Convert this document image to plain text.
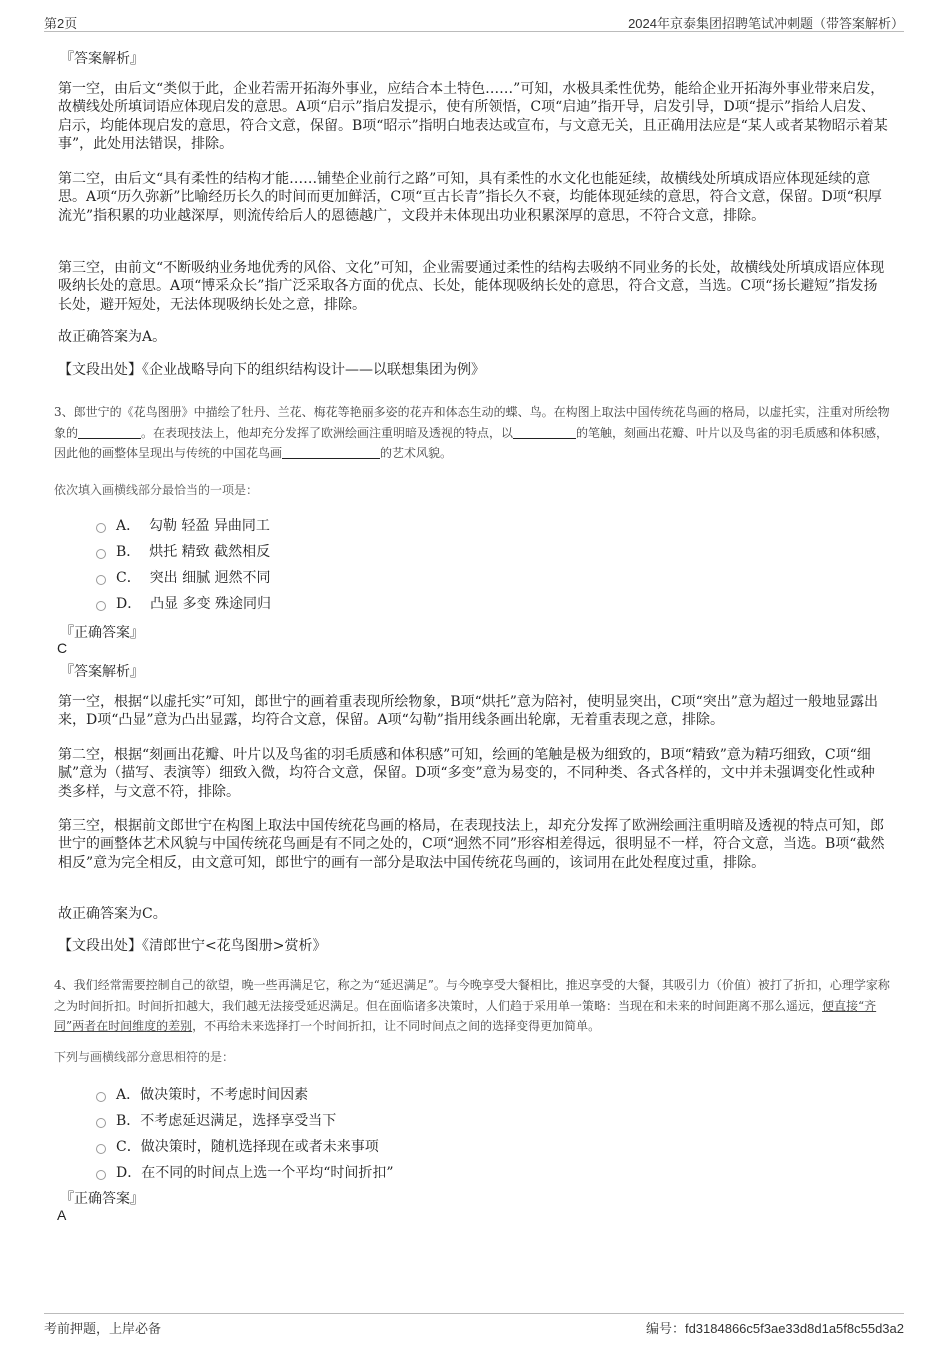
第2页	2024年京泰集团招聘笔试冲刺题（带答案解析）
『答案解析』
第一空，由后文“类似于此，企业若需开拓海外事业，应结合本土特色……”可知，水极具柔性优势，能给企业开拓海外事业带来启发，故横线处所填词语应体现启发的意思。A项“启示”指启发提示，使有所领悟，C项“启迪”指开导，启发引导，D项“提示”指给人启发、启示，均能体现启发的意思，符合文意，保留。B项“昭示”指明白地表达或宣布，与文意无关，且正确用法应是“某人或者某物昭示着某事”，此处用法错误，排除。
第二空，由后文“具有柔性的结构才能……铺垫企业前行之路”可知，具有柔性的水文化也能延续，故横线处所填成语应体现延续的意思。A项“历久弥新”比喻经历长久的时间而更加鲜活，C项“亘古长青”指长久不衰，均能体现延续的意思，符合文意，保留。D项“积厚流光”指积累的功业越深厚，则流传给后人的恩德越广，文段并未体现出功业积累深厚的意思，不符合文意，排除。
第三空，由前文“不断吸纳业务地优秀的风俗、文化”可知，企业需要通过柔性的结构去吸纳不同业务的长处，故横线处所填成语应体现吸纳长处的意思。A项“博采众长”指广泛采取各方面的优点、长处，能体现吸纳长处的意思，符合文意，当选。C项“扬长避短”指发扬长处，避开短处，无法体现吸纳长处之意，排除。
故正确答案为A。
【文段出处】《企业战略导向下的组织结构设计——以联想集团为例》
3、郎世宁的《花鸟图册》中描绘了牡丹、兰花、梅花等艳丽多姿的花卉和体态生动的蝶、鸟。在构图上取法中国传统花鸟画的格局，以虚托实，注重对所绘物象的	。在表现技法上，他却充分发挥了欧洲绘画注重明暗及透视的特点，以	的笔触，刻画出花瓣、叶片以及鸟雀的羽毛质感和体积感，因此他的画整体呈现出与传统的中国花鸟画	的艺术风貌。
依次填入画横线部分最恰当的一项是：
A． 勾勒 轻盈 异曲同工
B． 烘托 精致 截然相反
C． 突出 细腻 迥然不同
D． 凸显 多变 殊途同归
『正确答案』
C
『答案解析』
第一空，根据“以虚托实”可知，郎世宁的画着重表现所绘物象，B项“烘托”意为陪衬，使明显突出，C项“突出”意为超过一般地显露出来，D项“凸显”意为凸出显露，均符合文意，保留。A项“勾勒”指用线条画出轮廓，无着重表现之意，排除。
第二空，根据“刻画出花瓣、叶片以及鸟雀的羽毛质感和体积感”可知，绘画的笔触是极为细致的，B项“精致”意为精巧细致，C项“细腻”意为（描写、表演等）细致入微，均符合文意，保留。D项“多变”意为易变的，不同种类、各式各样的，文中并未强调变化性或种类多样，与文意不符，排除。
第三空，根据前文郎世宁在构图上取法中国传统花鸟画的格局，在表现技法上，却充分发挥了欧洲绘画注重明暗及透视的特点可知，郎世宁的画整体艺术风貌与中国传统花鸟画是有不同之处的，C项“迥然不同”形容相差得远，很明显不一样，符合文意，当选。B项“截然相反”意为完全相反，由文意可知，郎世宁的画有一部分是取法中国传统花鸟画的，该词用在此处程度过重，排除。
故正确答案为C。
【文段出处】《清郎世宁<花鸟图册>赏析》
4、我们经常需要控制自己的欲望，晚一些再满足它，称之为“延迟满足”。与今晚享受大餐相比，推迟享受的大餐，其吸引力（价值）被打了折扣，心理学家称之为时间折扣。时间折扣越大，我们越无法接受延迟满足。但在面临诸多决策时，人们趋于采用单一策略：当现在和未来的时间距离不那么遥远，便直接“齐同”两者在时间维度的差别，不再给未来选择打一个时间折扣，让不同时间点之间的选择变得更加简单。
下列与画横线部分意思相符的是：
A．做决策时，不考虑时间因素
B．不考虑延迟满足，选择享受当下
C．做决策时，随机选择现在或者未来事项
D．在不同的时间点上选一个平均“时间折扣”
『正确答案』
A
考前押题，上岸必备	编号：fd3184866c5f3ae33d8d1a5f8c55d3a2
